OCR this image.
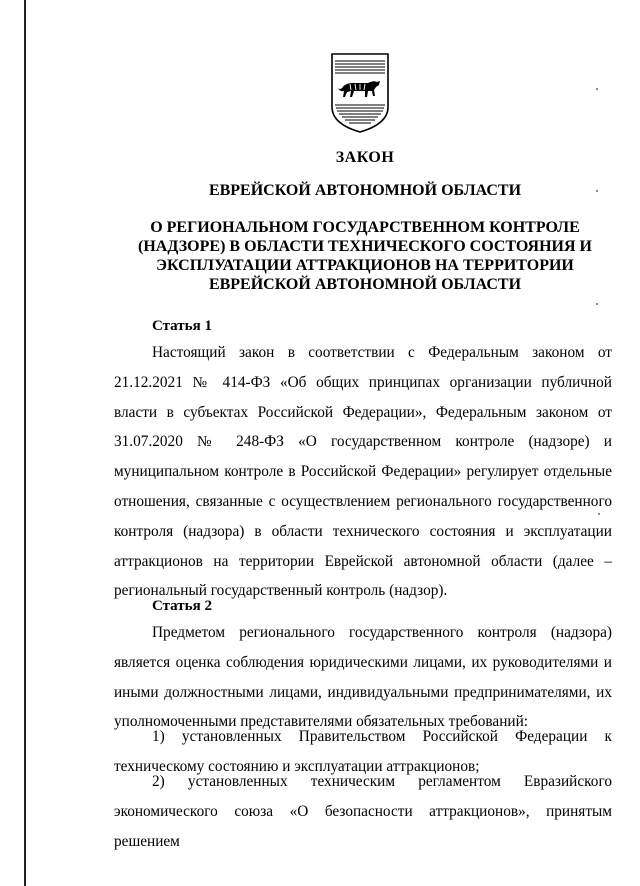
ЗАКОН
ЕВРЕЙСКОЙ АВТОНОМНОЙ ОБЛАСТИ
О РЕГИОНАЛЬНОМ ГОСУДАРСТВЕННОМ КОНТРОЛЕ (НАДЗОРЕ) В ОБЛАСТИ ТЕХНИЧЕСКОГО СОСТОЯНИЯ И ЭКСПЛУАТАЦИИ АТТРАКЦИОНОВ НА ТЕРРИТОРИИ ЕВРЕЙСКОЙ АВТОНОМНОЙ ОБЛАСТИ
Статья 1

Настоящий закон в соответствии с Федеральным законом от 21.12.2021 № 414-ФЗ «Об общих принципах организации публичной власти в субъектах Российской Федерации», Федеральным законом от 31.07.2020 № 248-ФЗ «О государственном контроле (надзоре) и муниципальном контроле в Российской Федерации» регулирует отдельные отношения, связанные с осуществлением регионального государственного контроля (надзора) в области технического состояния и эксплуатации аттракционов на территории Еврейской автономной области (далее – региональный государственный контроль (надзор).

Статья 2

Предметом регионального государственного контроля (надзора) является оценка соблюдения юридическими лицами, их руководителями и иными должностными лицами, индивидуальными предпринимателями, их уполномоченными представителями обязательных требований:

1) установленных Правительством Российской Федерации к техническому состоянию и эксплуатации аттракционов;

2) установленных техническим регламентом Евразийского экономического союза «О безопасности аттракционов», принятым решением
